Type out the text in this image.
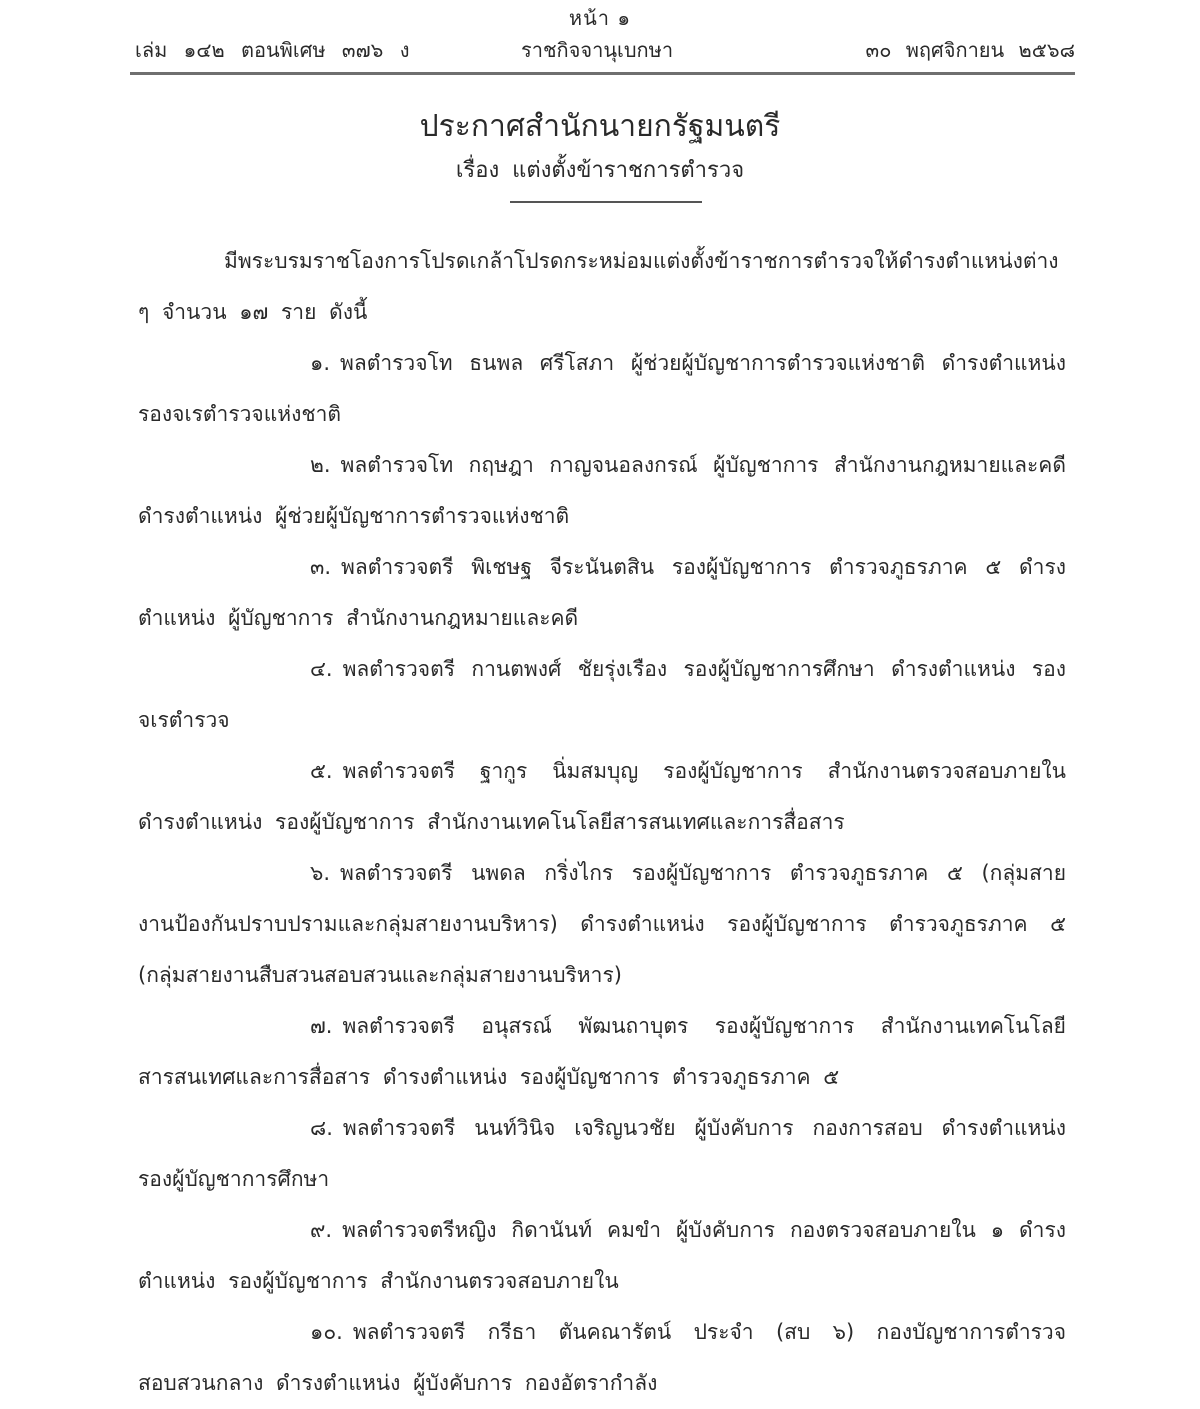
หน้า ๑
เล่ม ๑๔๒ ตอนพิเศษ ๓๗๖ ง	ราชกิจจานุเบกษา	๓๐ พฤศจิกายน ๒๕๖๘
ประกาศสำนักนายกรัฐมนตรี
เรื่อง แต่งตั้งข้าราชการตำรวจ

มีพระบรมราชโองการโปรดเกล้าโปรดกระหม่อมแต่งตั้งข้าราชการตำรวจให้ดำรงตำแหน่งต่าง ๆ จำนวน ๑๗ ราย ดังนี้

๑. พลตำรวจโท ธนพล ศรีโสภา ผู้ช่วยผู้บัญชาการตำรวจแห่งชาติ ดำรงตำแหน่ง รองจเรตำรวจแห่งชาติ

๒. พลตำรวจโท กฤษฎา กาญจนอลงกรณ์ ผู้บัญชาการ สำนักงานกฎหมายและคดี ดำรงตำแหน่ง ผู้ช่วยผู้บัญชาการตำรวจแห่งชาติ

๓. พลตำรวจตรี พิเชษฐ จีระนันตสิน รองผู้บัญชาการ ตำรวจภูธรภาค ๕ ดำรงตำแหน่ง ผู้บัญชาการ สำนักงานกฎหมายและคดี

๔. พลตำรวจตรี กานตพงศ์ ชัยรุ่งเรือง รองผู้บัญชาการศึกษา ดำรงตำแหน่ง รองจเรตำรวจ

๕. พลตำรวจตรี ฐากูร นิ่มสมบุญ รองผู้บัญชาการ สำนักงานตรวจสอบภายใน ดำรงตำแหน่ง รองผู้บัญชาการ สำนักงานเทคโนโลยีสารสนเทศและการสื่อสาร

๖. พลตำรวจตรี นพดล กริ่งไกร รองผู้บัญชาการ ตำรวจภูธรภาค ๕ (กลุ่มสายงานป้องกันปราบปรามและกลุ่มสายงานบริหาร) ดำรงตำแหน่ง รองผู้บัญชาการ ตำรวจภูธรภาค ๕ (กลุ่มสายงานสืบสวนสอบสวนและกลุ่มสายงานบริหาร)

๗. พลตำรวจตรี อนุสรณ์ พัฒนถาบุตร รองผู้บัญชาการ สำนักงานเทคโนโลยีสารสนเทศและการสื่อสาร ดำรงตำแหน่ง รองผู้บัญชาการ ตำรวจภูธรภาค ๕

๘. พลตำรวจตรี นนท์วินิจ เจริญนวชัย ผู้บังคับการ กองการสอบ ดำรงตำแหน่ง รองผู้บัญชาการศึกษา

๙. พลตำรวจตรีหญิง กิดานันท์ คมขำ ผู้บังคับการ กองตรวจสอบภายใน ๑ ดำรงตำแหน่ง รองผู้บัญชาการ สำนักงานตรวจสอบภายใน

๑๐. พลตำรวจตรี กรีธา ตันคณารัตน์ ประจำ (สบ ๖) กองบัญชาการตำรวจสอบสวนกลาง ดำรงตำแหน่ง ผู้บังคับการ กองอัตรากำลัง
